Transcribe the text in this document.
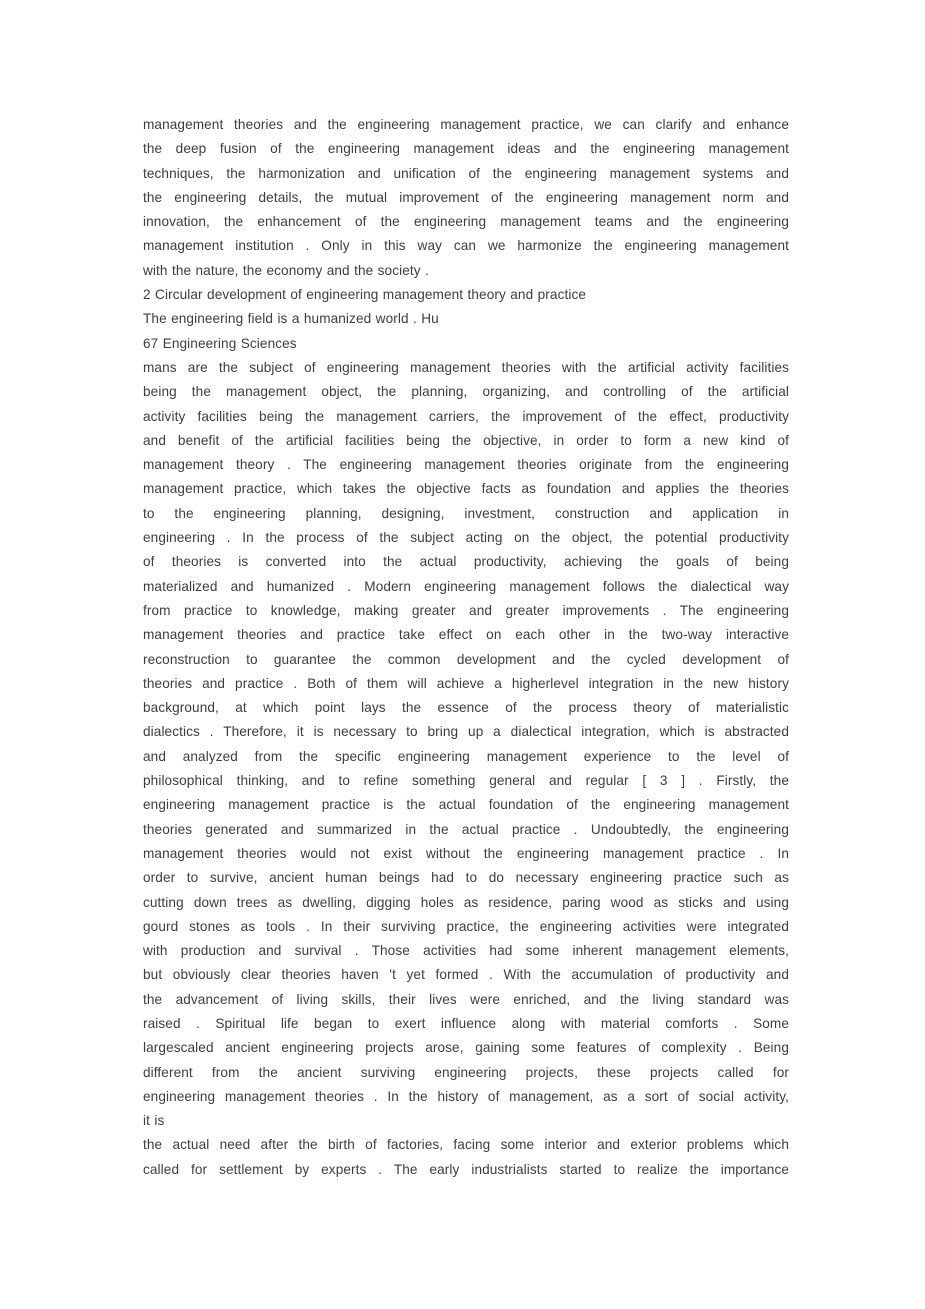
management theories and the engineering management practice, we can clarify and enhance
the deep fusion of the engineering management ideas and the engineering management
techniques, the harmonization and unification of the engineering management systems and
the engineering details, the mutual improvement of the engineering management norm and
innovation, the enhancement of the engineering management teams and the engineering
management institution . Only in this way can we harmonize the engineering management
with the nature, the economy and the society .
2 Circular development of engineering management theory and practice
The engineering field is a humanized world . Hu
67 Engineering Sciences
mans are the subject of engineering management theories with the artificial activity facilities
being the management object, the planning, organizing, and controlling of the artificial
activity facilities being the management carriers, the improvement of the effect, productivity
and benefit of the artificial facilities being the objective, in order to form a new kind of
management theory . The engineering management theories originate from the engineering
management practice, which takes the objective facts as foundation and applies the theories
to the engineering planning, designing, investment, construction and application in
engineering . In the process of the subject acting on the object, the potential productivity
of theories is converted into the actual productivity, achieving the goals of being
materialized and humanized . Modern engineering management follows the dialectical way
from practice to knowledge, making greater and greater improvements . The engineering
management theories and practice take effect on each other in the two-way interactive
reconstruction to guarantee the common development and the cycled development of
theories and practice . Both of them will achieve a higherlevel integration in the new history
background, at which point lays the essence of the process theory of materialistic
dialectics . Therefore, it is necessary to bring up a dialectical integration, which is abstracted
and analyzed from the specific engineering management experience to the level of
philosophical thinking, and to refine something general and regular [ 3 ] . Firstly, the
engineering management practice is the actual foundation of the engineering management
theories generated and summarized in the actual practice . Undoubtedly, the engineering
management theories would not exist without the engineering management practice . In
order to survive, ancient human beings had to do necessary engineering practice such as
cutting down trees as dwelling, digging holes as residence, paring wood as sticks and using
gourd stones as tools . In their surviving practice, the engineering activities were integrated
with production and survival . Those activities had some inherent management elements,
but obviously clear theories haven 't yet formed . With the accumulation of productivity and
the advancement of living skills, their lives were enriched, and the living standard was
raised . Spiritual life began to exert influence along with material comforts . Some
largescaled ancient engineering projects arose, gaining some features of complexity . Being
different from the ancient surviving engineering projects, these projects called for
engineering management theories . In the history of management, as a sort of social activity,
it is
the actual need after the birth of factories, facing some interior and exterior problems which
called for settlement by experts . The early industrialists started to realize the importance
